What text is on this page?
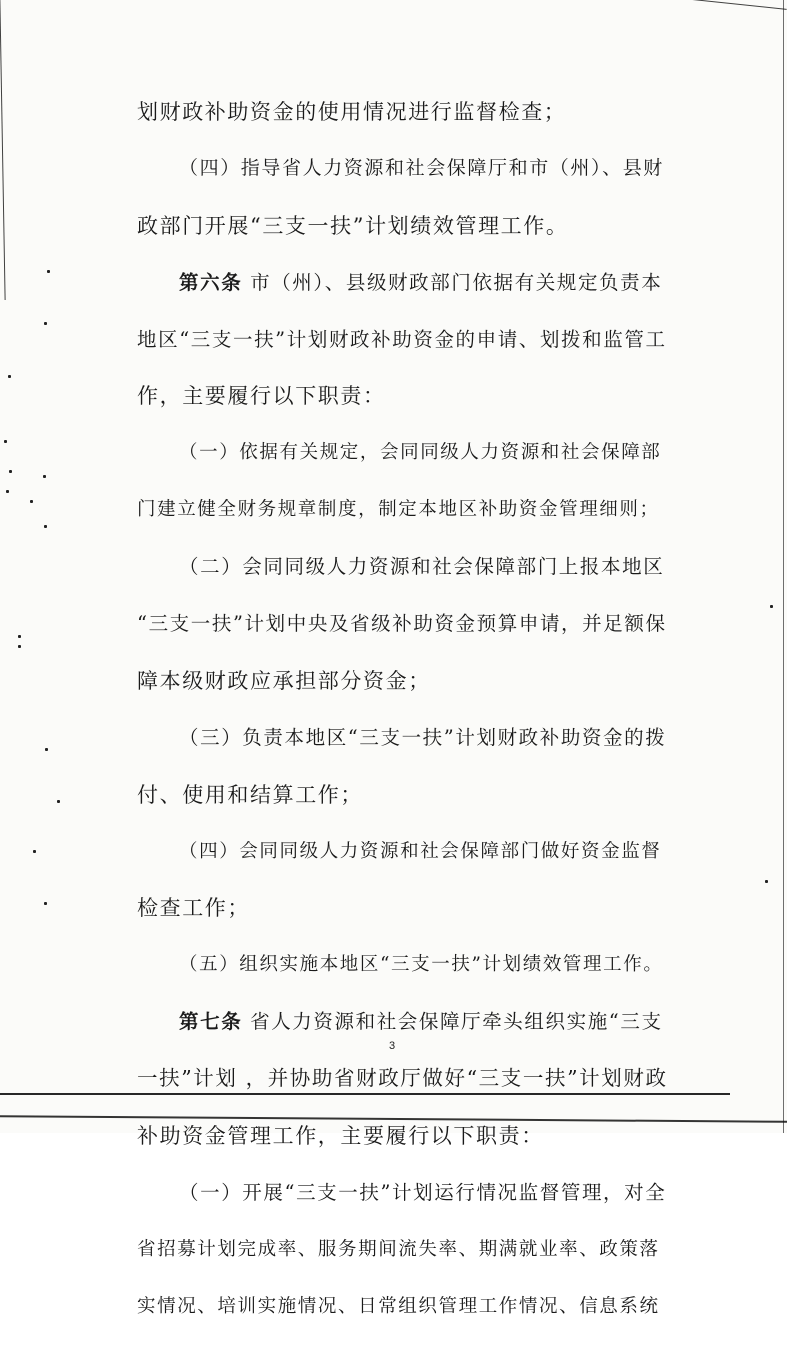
划财政补助资金的使用情况进行监督检查；
（四）指导省人力资源和社会保障厅和市（州）、县财
政部门开展“三支一扶”计划绩效管理工作。
第六条 市（州）、县级财政部门依据有关规定负责本
地区“三支一扶”计划财政补助资金的申请、划拨和监管工
作，主要履行以下职责：
（一）依据有关规定，会同同级人力资源和社会保障部
门建立健全财务规章制度，制定本地区补助资金管理细则；
（二）会同同级人力资源和社会保障部门上报本地区
“三支一扶”计划中央及省级补助资金预算申请，并足额保
障本级财政应承担部分资金；
（三）负责本地区“三支一扶”计划财政补助资金的拨
付、使用和结算工作；
（四）会同同级人力资源和社会保障部门做好资金监督
检查工作；
（五）组织实施本地区“三支一扶”计划绩效管理工作。
第七条 省人力资源和社会保障厅牵头组织实施“三支
一扶”计划 ，并协助省财政厅做好“三支一扶”计划财政
补助资金管理工作，主要履行以下职责：
（一）开展“三支一扶”计划运行情况监督管理，对全
省招募计划完成率、服务期间流失率、期满就业率、政策落
实情况、培训实施情况、日常组织管理工作情况、信息系统
3
